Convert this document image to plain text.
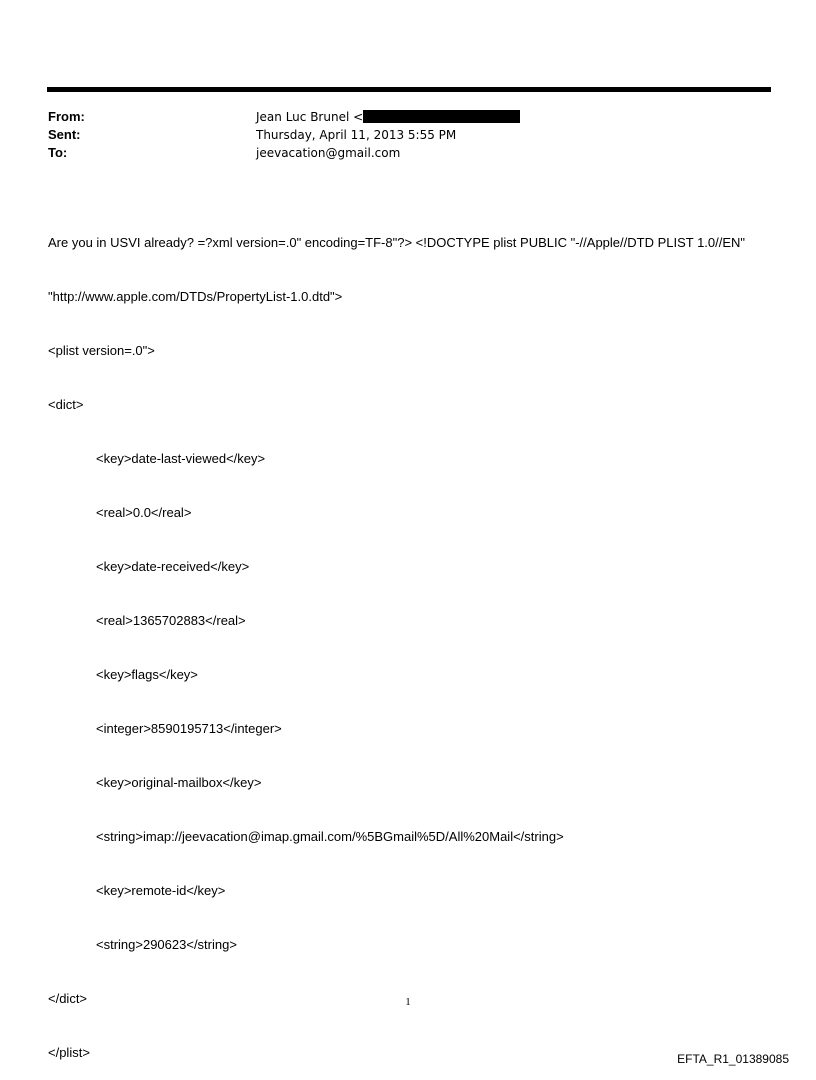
From:	Jean Luc Brunel <
Sent:	Thursday, April 11, 2013 5:55 PM
To:	jeevacation@gmail.com

Are you in USVI already? =?xml version=.0" encoding=TF-8"?> <!DOCTYPE plist PUBLIC "-//Apple//DTD PLIST 1.0//EN"

"http://www.apple.com/DTDs/PropertyList-1.0.dtd">

<plist version=.0">

<dict>

<key>date-last-viewed</key>

<real>0.0</real>

<key>date-received</key>

<real>1365702883</real>

<key>flags</key>

<integer>8590195713</integer>

<key>original-mailbox</key>

<string>imap://jeevacation@imap.gmail.com/%5BGmail%5D/All%20Mail</string>

<key>remote-id</key>

<string>290623</string>

</dict>

</plist>

1
EFTA_R1_01389085
